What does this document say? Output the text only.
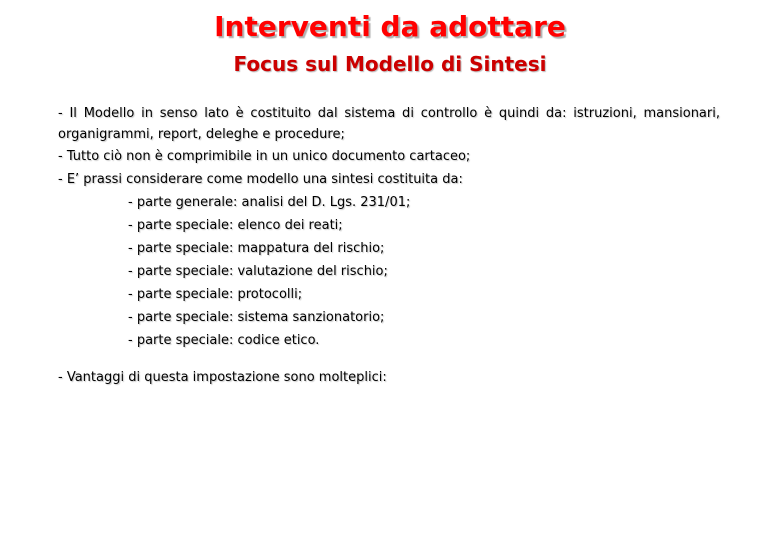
Interventi da adottare
Focus sul Modello di Sintesi

- Il Modello in senso lato è costituito dal sistema di controllo è quindi da: istruzioni, mansionari, organigrammi, report, deleghe e procedure;

- Tutto ciò non è comprimibile in un unico documento cartaceo;

- E’ prassi considerare come modello una sintesi costituita da:

- parte generale: analisi del D. Lgs. 231/01;

- parte speciale: elenco dei reati;

- parte speciale: mappatura del rischio;

- parte speciale: valutazione del rischio;

- parte speciale: protocolli;

- parte speciale: sistema sanzionatorio;

- parte speciale: codice etico.

- Vantaggi di questa impostazione sono molteplici:
